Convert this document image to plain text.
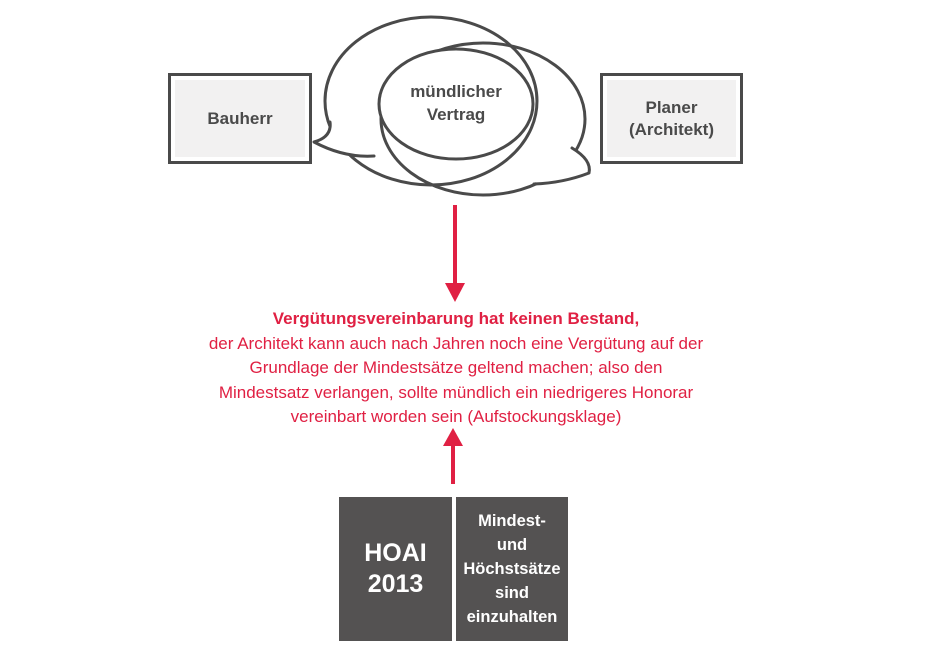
Bauherr
Planer
(Architekt)
mündlicher
Vertrag
Vergütungsvereinbarung hat keinen Bestand,
der Architekt kann auch nach Jahren noch eine Vergütung auf der
Grundlage der Mindestsätze geltend machen; also den
Mindestsatz verlangen, sollte mündlich ein niedrigeres Honorar
vereinbart worden sein (Aufstockungsklage)
HOAI
2013
Mindest-
und
Höchstsätze
sind
einzuhalten
